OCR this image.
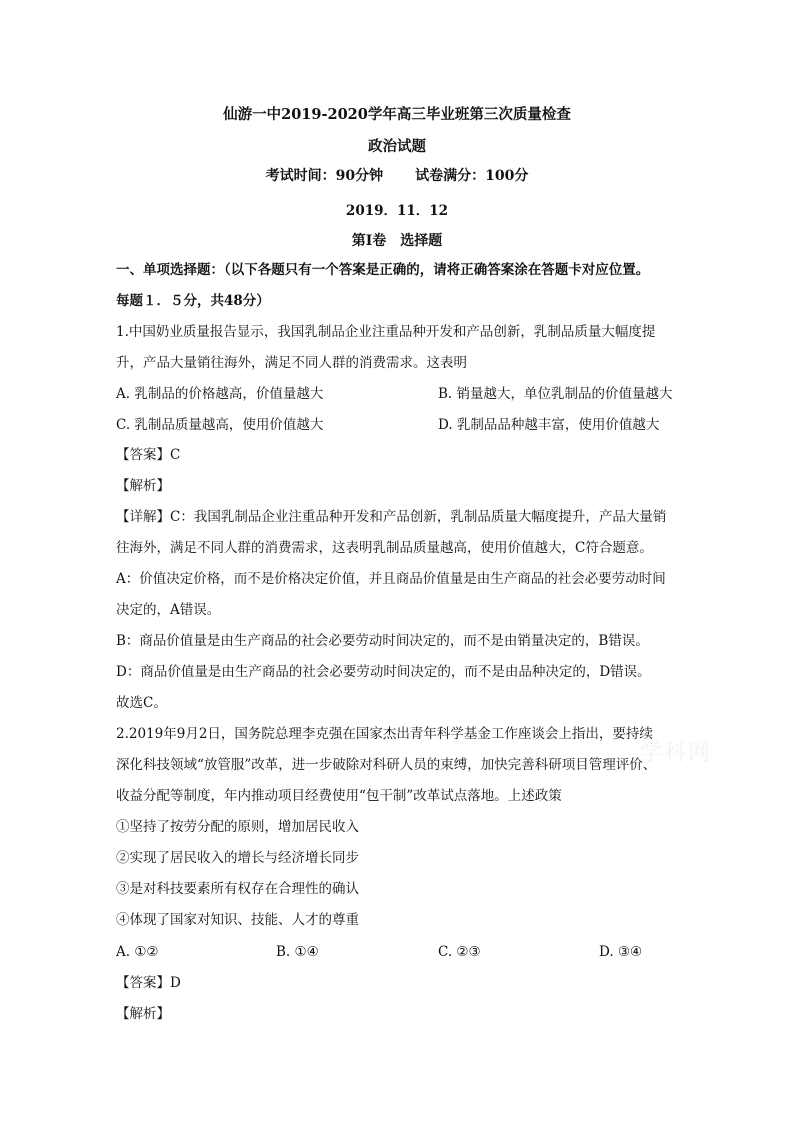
仙游一中2019-2020学年高三毕业班第三次质量检查
政治试题
考试时间：90分钟 试卷满分：100分
2019．11．12
第Ⅰ卷　选择题
一、单项选择题：（以下各题只有一个答案是正确的，请将正确答案涂在答题卡对应位置。
每题１．５分，共48分）
1.中国奶业质量报告显示，我国乳制品企业注重品种开发和产品创新，乳制品质量大幅度提
升，产品大量销往海外，满足不同人群的消费需求。这表明
A. 乳制品的价格越高，价值量越大	B. 销量越大，单位乳制品的价值量越大
C. 乳制品质量越高，使用价值越大	D. 乳制品品种越丰富，使用价值越大
【答案】C
【解析】
【详解】C：我国乳制品企业注重品种开发和产品创新，乳制品质量大幅度提升，产品大量销
往海外，满足不同人群的消费需求，这表明乳制品质量越高，使用价值越大，C符合题意。
A：价值决定价格，而不是价格决定价值，并且商品价值量是由生产商品的社会必要劳动时间
决定的，A错误。
B：商品价值量是由生产商品的社会必要劳动时间决定的，而不是由销量决定的，B错误。
D：商品价值量是由生产商品的社会必要劳动时间决定的，而不是由品种决定的，D错误。
故选C。
2.2019年9月2日，国务院总理李克强在国家杰出青年科学基金工作座谈会上指出，要持续
深化科技领域“放管服”改革，进一步破除对科研人员的束缚，加快完善科研项目管理评价、
收益分配等制度，年内推动项目经费使用“包干制”改革试点落地。上述政策
①坚持了按劳分配的原则，增加居民收入
②实现了居民收入的增长与经济增长同步
③是对科技要素所有权存在合理性的确认
④体现了国家对知识、技能、人才的尊重
A. ①②	B. ①④	C. ②③	D. ③④
【答案】D
【解析】
学科网
